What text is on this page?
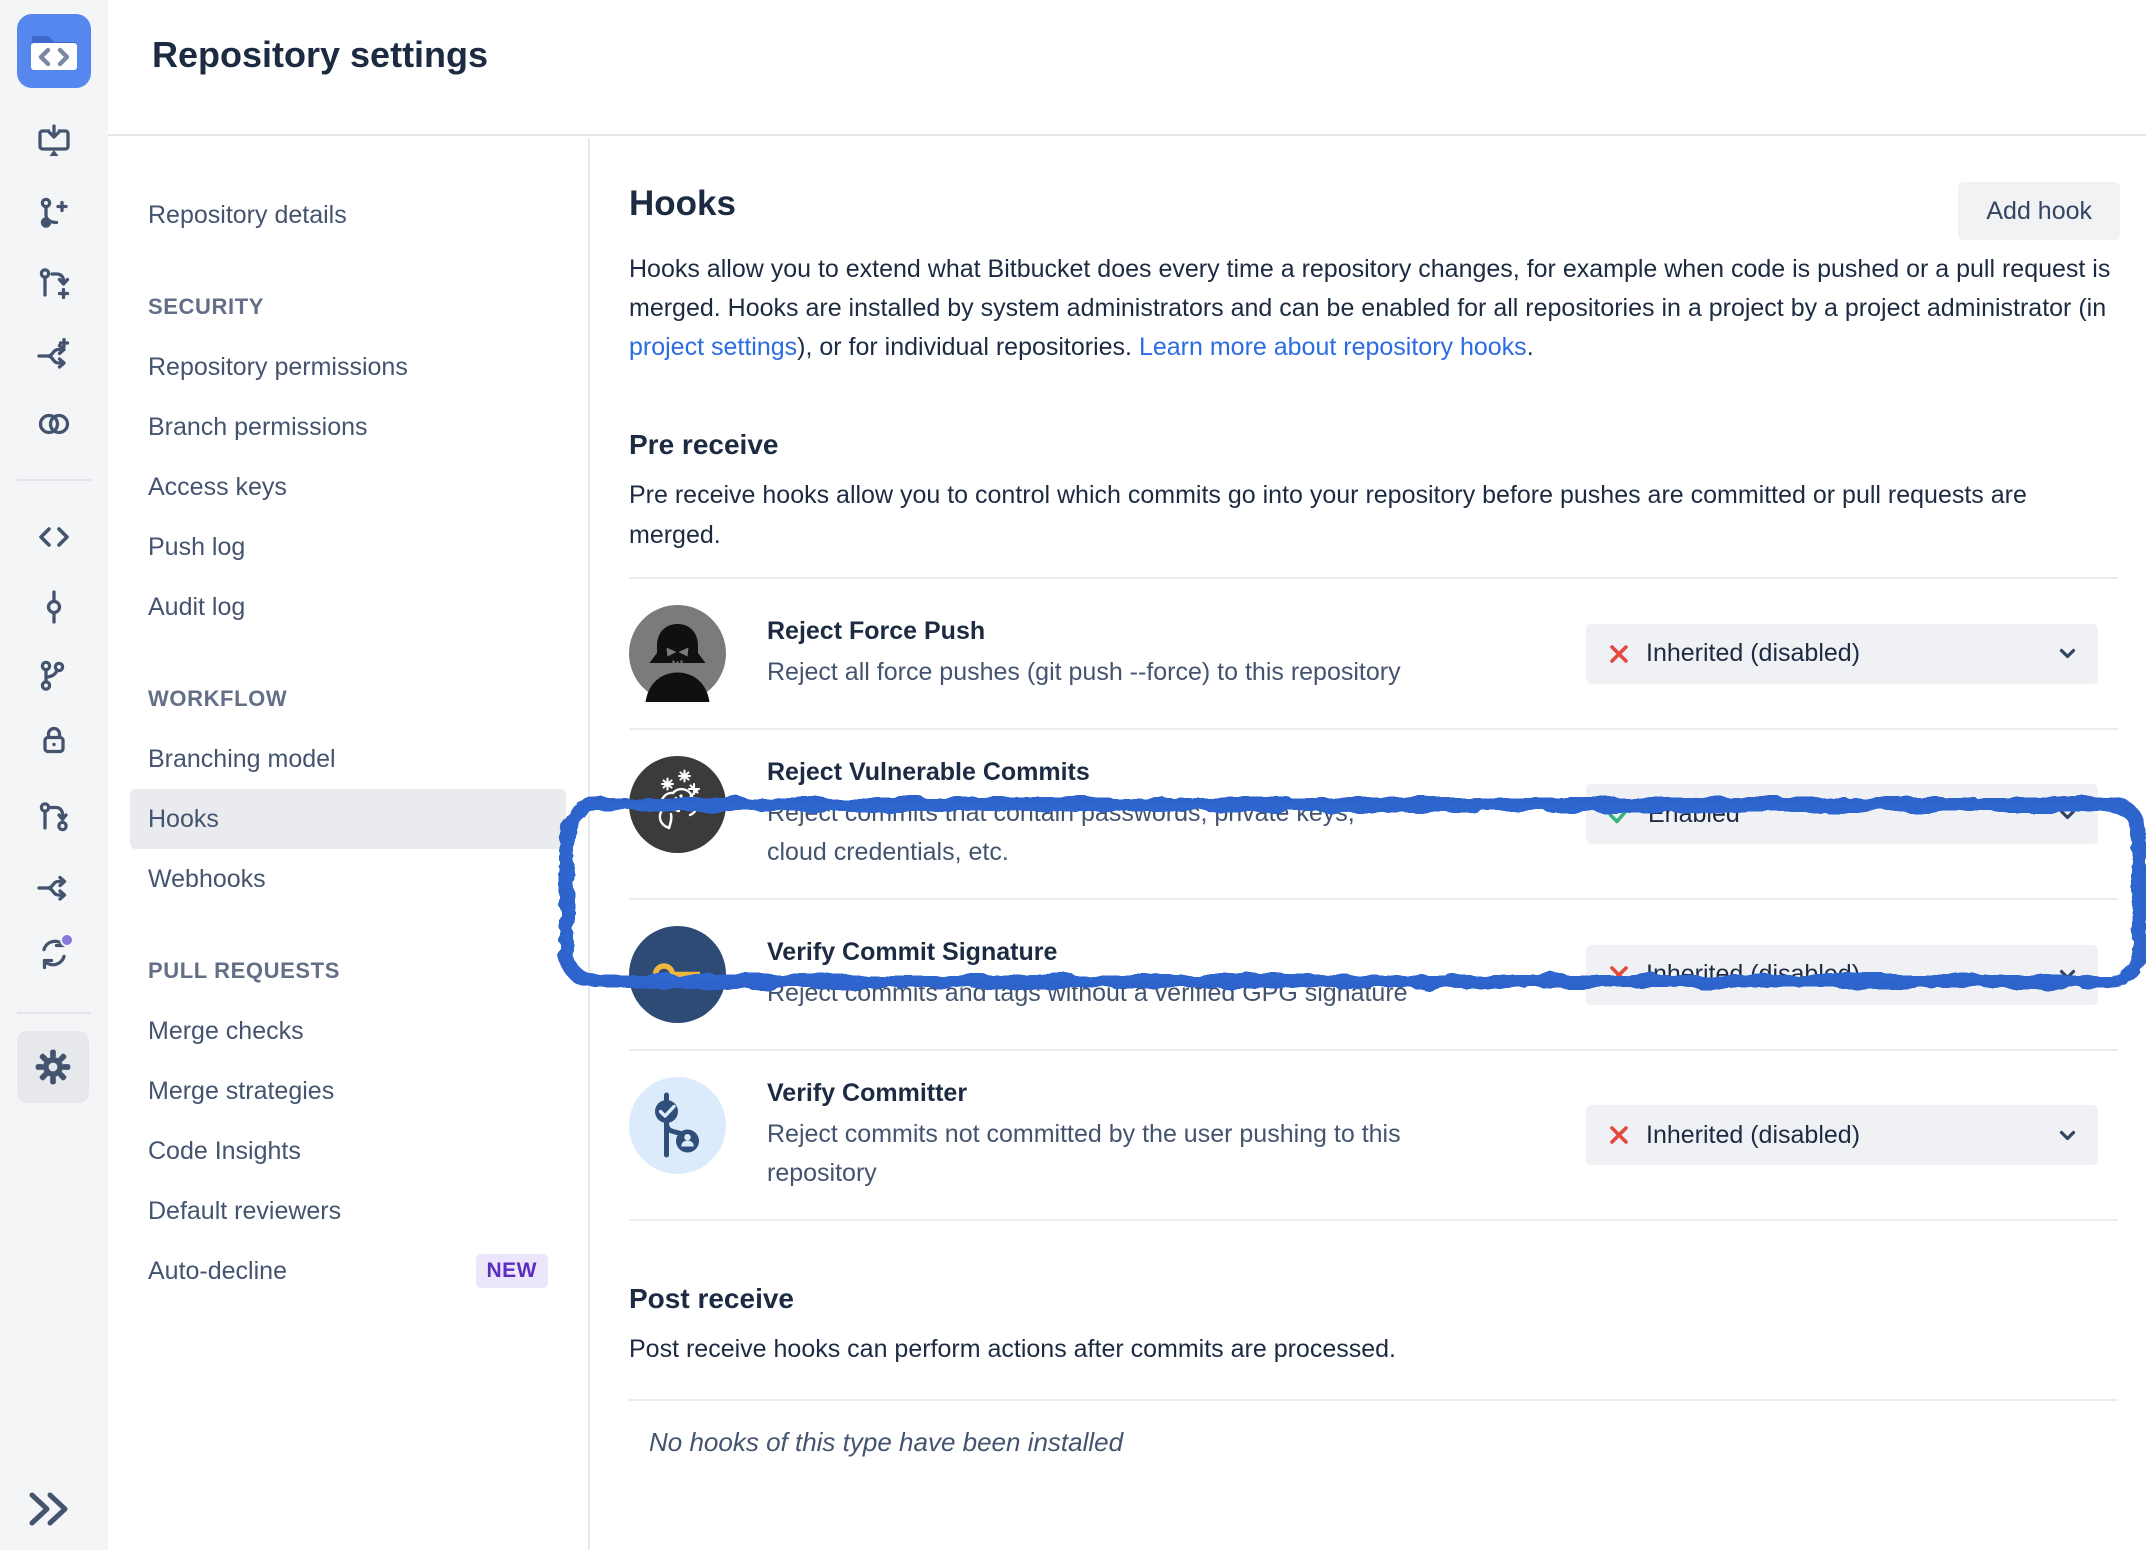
Repository settings
Repository details
SECURITY
Repository permissions
Branch permissions
Access keys
Push log
Audit log
WORKFLOW
Branching model
Hooks
Webhooks
PULL REQUESTS
Merge checks
Merge strategies
Code Insights
Default reviewers
Auto-decline	NEW
Hooks	Add hook

Hooks allow you to extend what Bitbucket does every time a repository changes, for example when code is pushed or a pull request is merged. Hooks are installed by system administrators and can be enabled for all repositories in a project by a project administrator (in project settings), or for individual repositories. Learn more about repository hooks.

Pre receive

Pre receive hooks allow you to control which commits go into your repository before pushes are committed or pull requests are merged.

Reject Force Push
Reject all force pushes (git push --force) to this repository
Inherited (disabled)
Reject Vulnerable Commits
Reject commits that contain passwords, private keys, cloud credentials, etc.
Enabled
Verify Commit Signature
Reject commits and tags without a verified GPG signature
Inherited (disabled)
Verify Committer
Reject commits not committed by the user pushing to this repository
Inherited (disabled)
Post receive

Post receive hooks can perform actions after commits are processed.

No hooks of this type have been installed
